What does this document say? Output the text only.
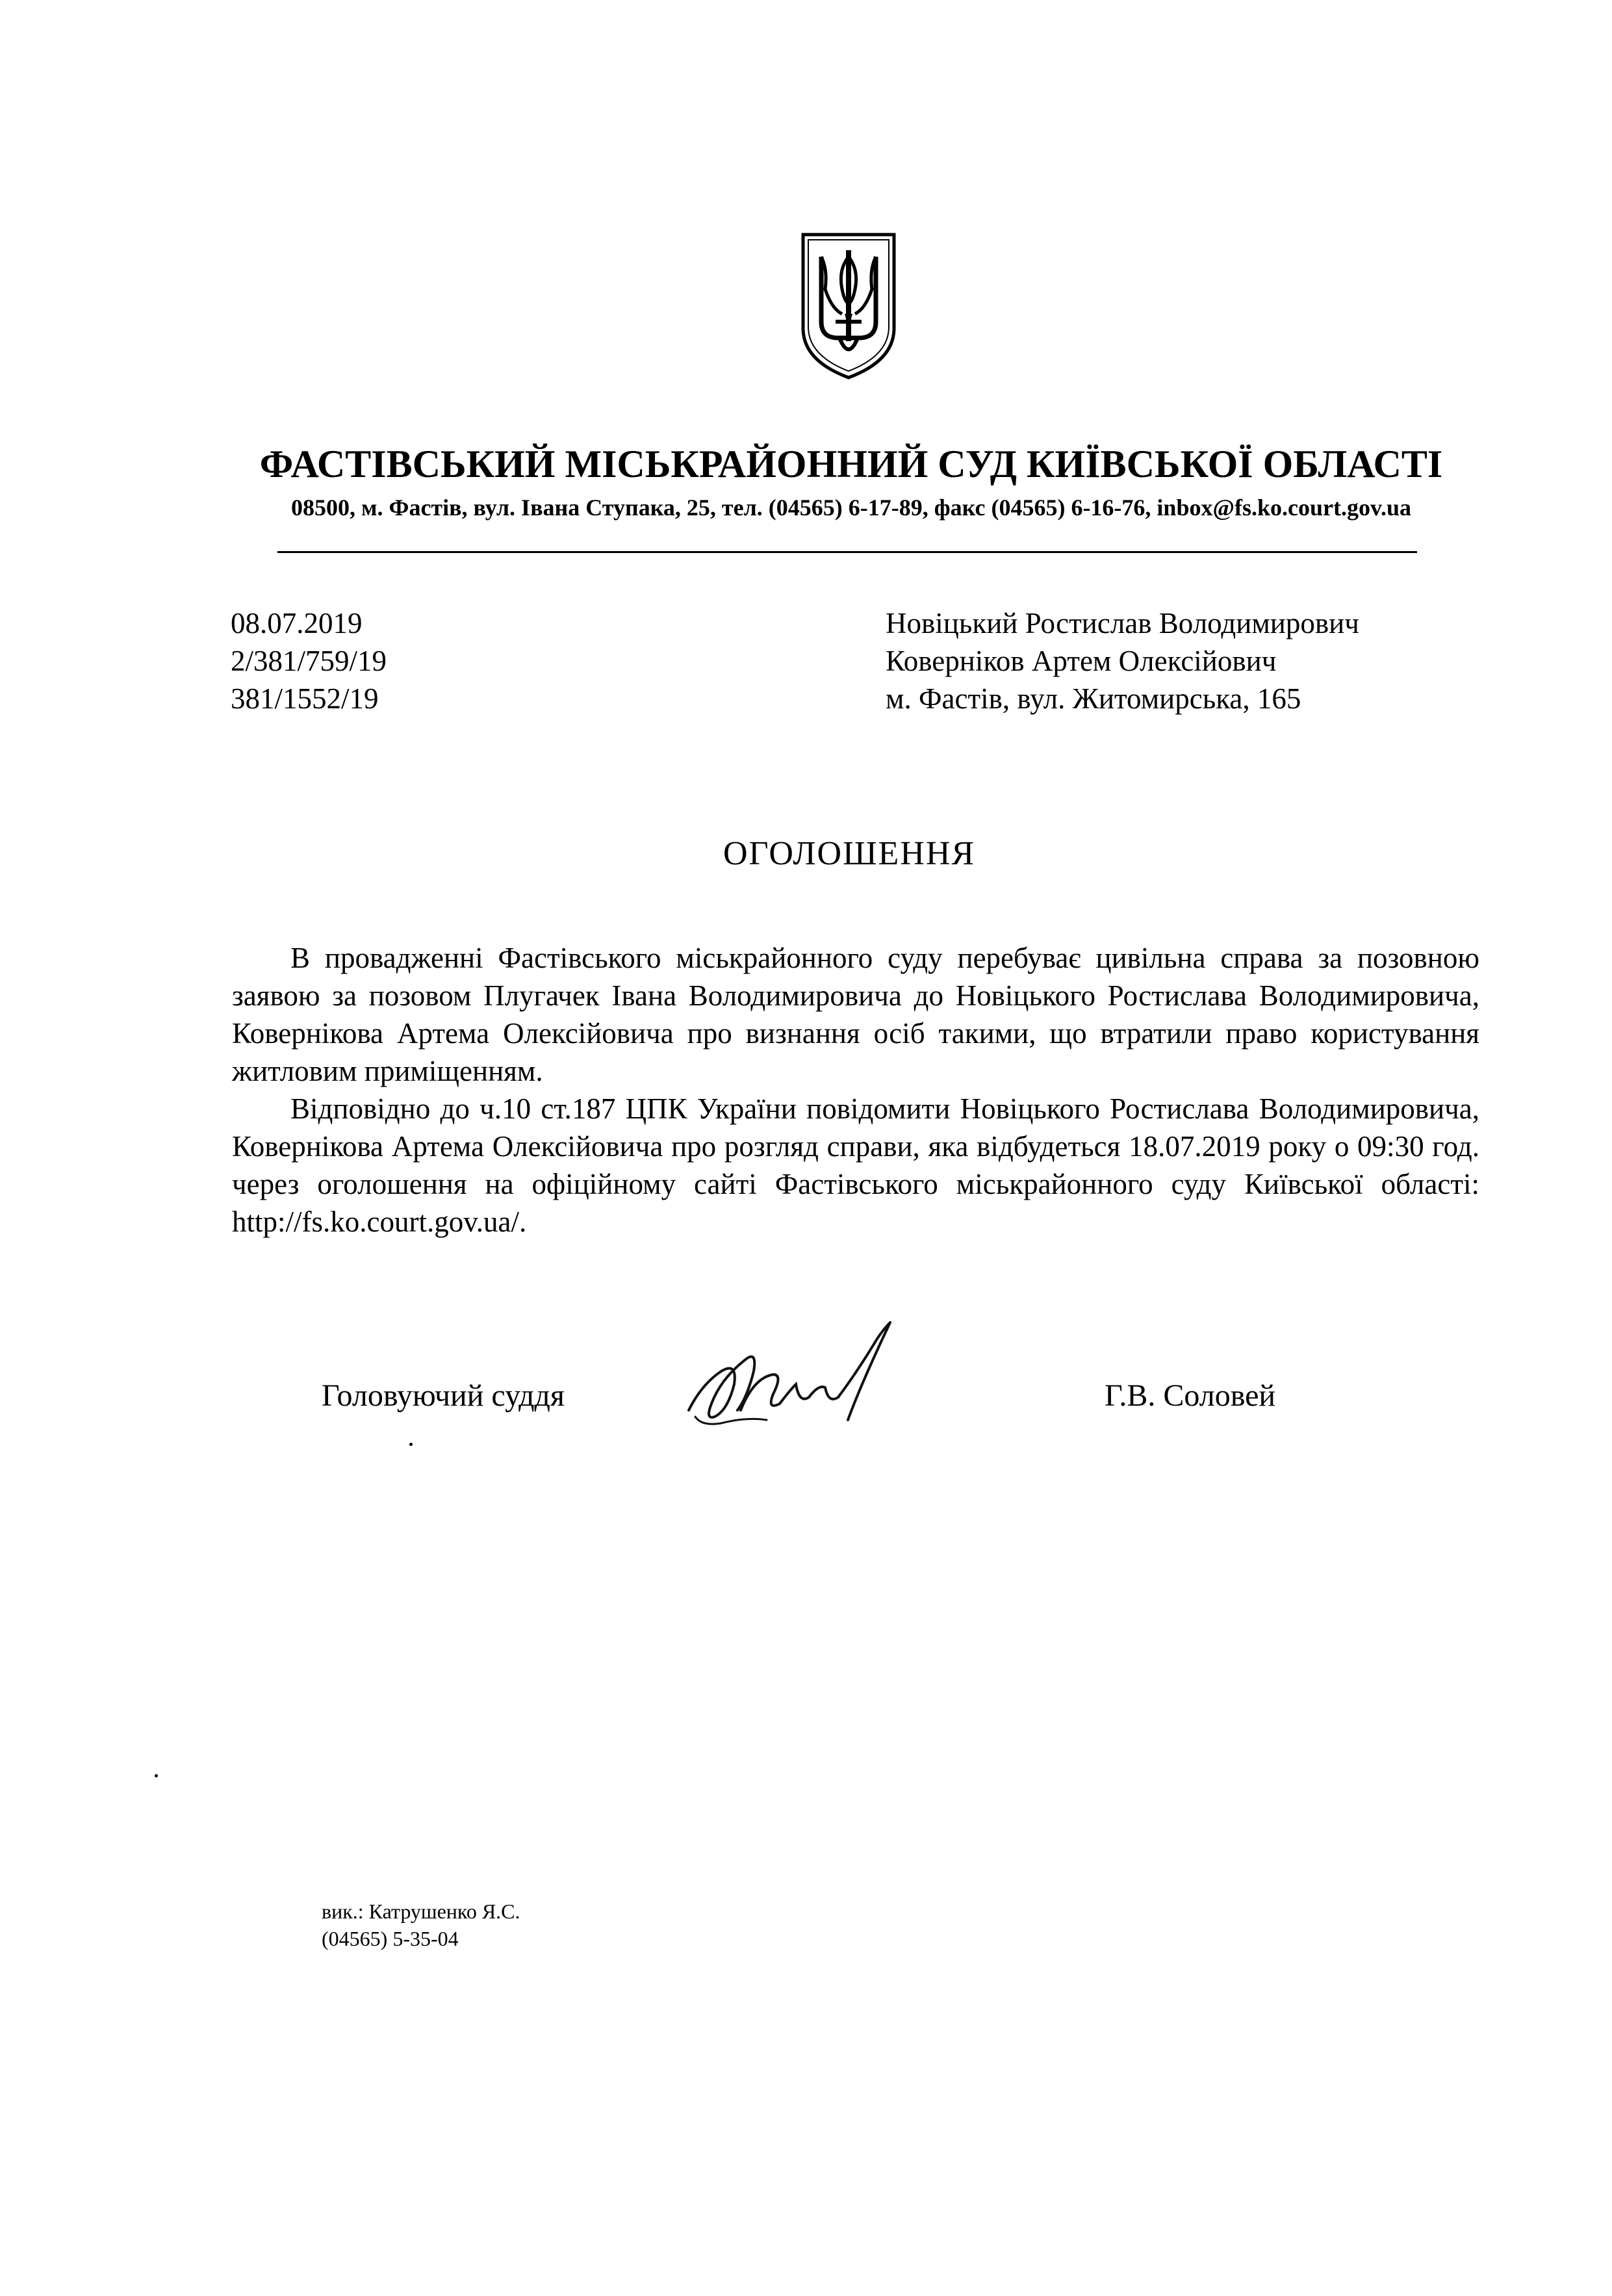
ФАСТІВСЬКИЙ МІСЬКРАЙОННИЙ СУД КИЇВСЬКОЇ ОБЛАСТІ
08500, м. Фастів, вул. Івана Ступака, 25, тел. (04565) 6-17-89, факс (04565) 6-16-76, inbox@fs.ko.court.gov.ua
08.07.2019
2/381/759/19
381/1552/19
Новіцький Ростислав Володимирович
Коверніков Артем Олексійович
м. Фастів, вул. Житомирська, 165
ОГОЛОШЕННЯ

В провадженні Фастівського міськрайонного суду перебуває цивільна справа за позовною заявою за позовом Плугачек Івана Володимировича до Новіцького Ростислава Володимировича, Ковернікова Артема Олексійовича про визнання осіб такими, що втратили право користування житловим приміщенням.

Відповідно до ч.10 ст.187 ЦПК України повідомити Новіцького Ростислава Володимировича, Ковернікова Артема Олексійовича про розгляд справи, яка відбудеться 18.07.2019 року о 09:30 год. через оголошення на офіційному сайті Фастівського міськрайонного суду Київської області: http://fs.ko.court.gov.ua/.

Головуючий суддя	Г.В. Соловей
вик.: Катрушенко Я.С.
(04565) 5-35-04
